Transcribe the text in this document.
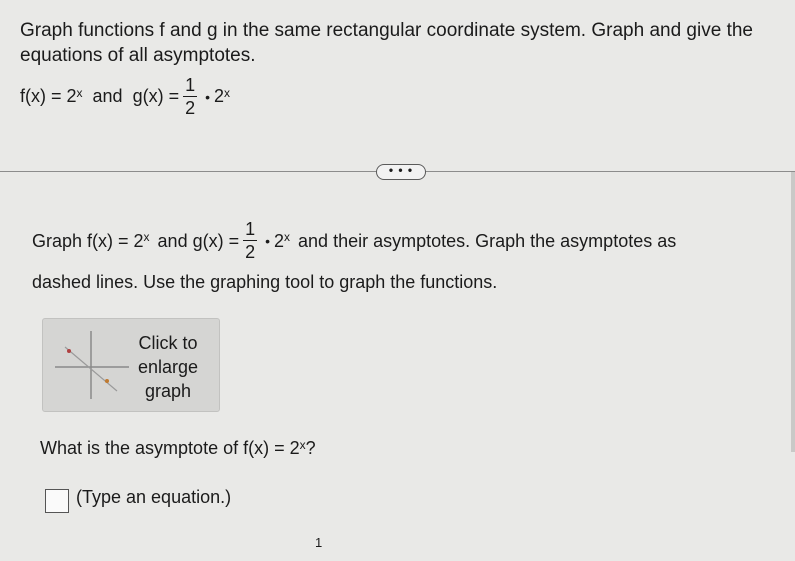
Graph functions f and g in the same rectangular coordinate system. Graph and give the equations of all asymptotes.
$f(x) = 2^x$ and $g(x) = \frac{1}{2}$ • 2$^x$
• • •
Graph $f(x) = 2^x$ and $g(x) = \frac{1}{2}$ • 2$^x$ and their asymptotes. Graph the asymptotes as
dashed lines. Use the graphing tool to graph the functions.
Click to
enlarge
graph
What is the asymptote of $f(x) = 2^x$ ?
(Type an equation.)
1
